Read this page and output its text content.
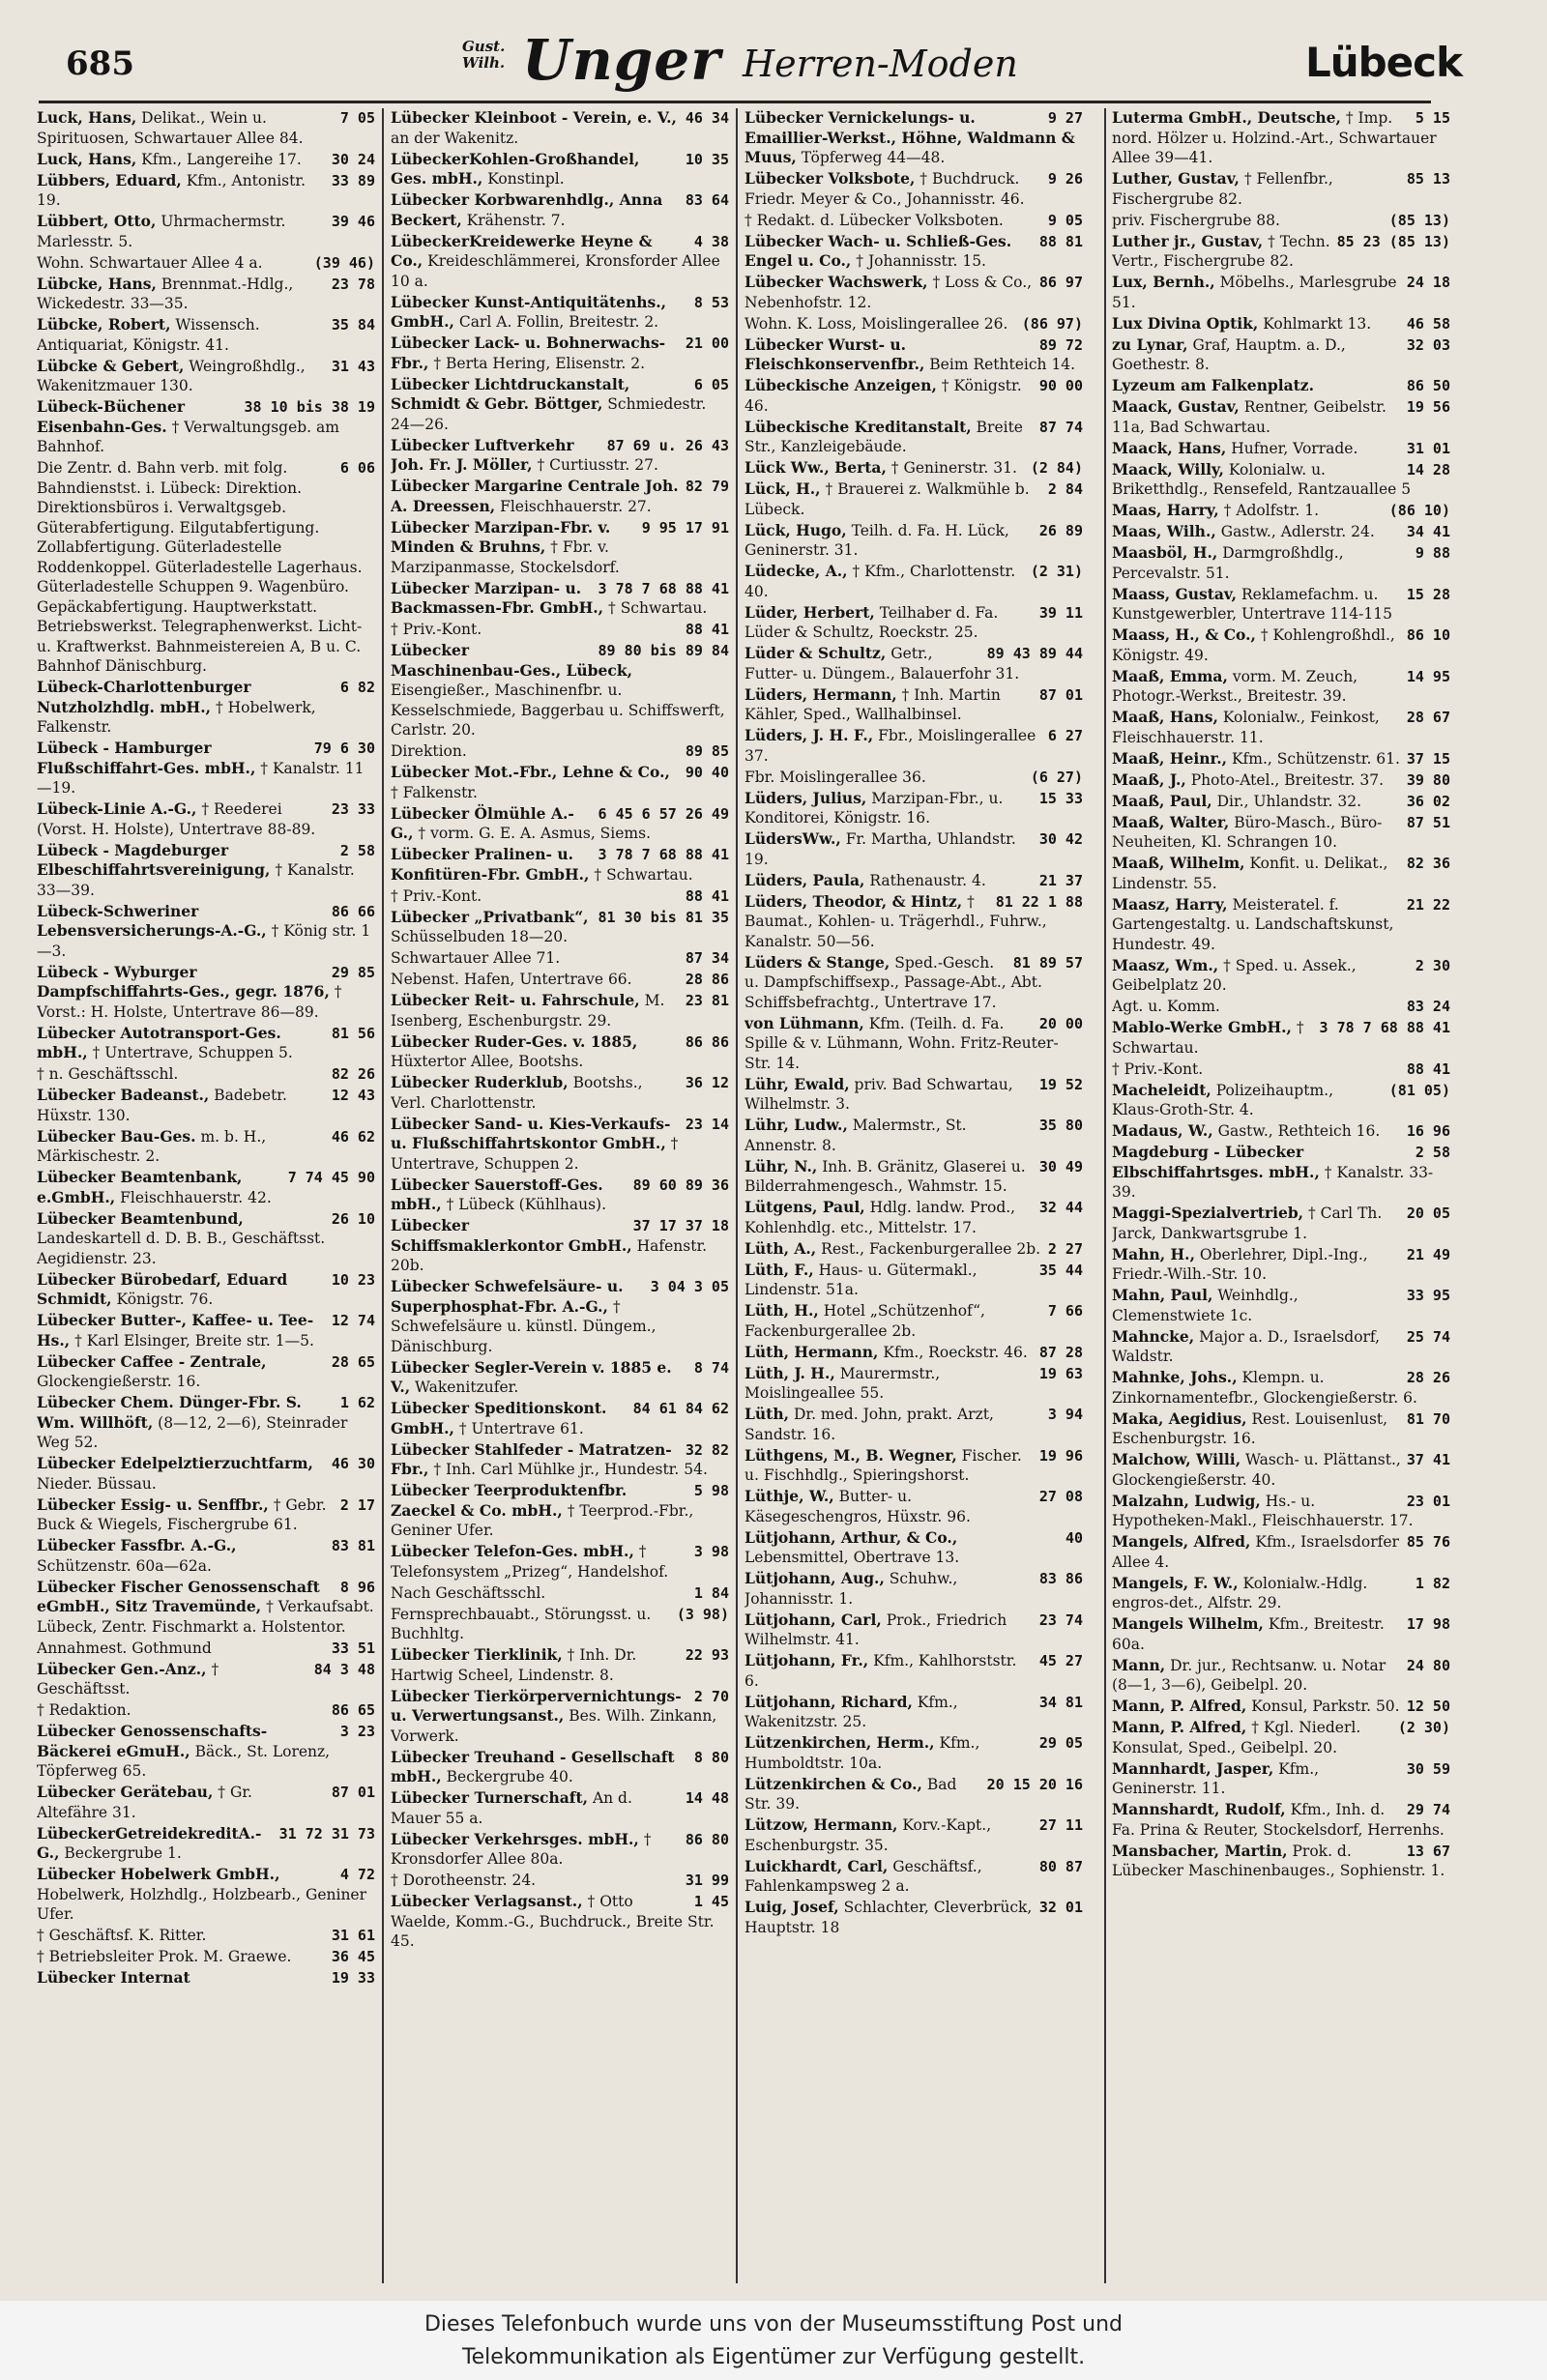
685	Gust. Wilh. Unger Herren-Moden	Lübeck
7 05
Luck, Hans, Delikat., Wein u. Spirituosen, Schwartauer Allee 84.
30 24
Luck, Hans, Kfm., Langereihe 17.
33 89
Lübbers, Eduard, Kfm., Antonistr. 19.
39 46
Lübbert, Otto, Uhrmachermstr. Marlesstr. 5.
(39 46)
Wohn. Schwartauer Allee 4 a.
23 78
Lübcke, Hans, Brennmat.-Hdlg., Wickedestr. 33—35.
35 84
Lübcke, Robert, Wissensch. Antiquariat, Königstr. 41.
31 43
Lübcke & Gebert, Weingroßhdlg., Wakenitzmauer 130.
38 10 bis 38 19
Lübeck-Büchener Eisenbahn-Ges. † Verwaltungsgeb. am Bahnhof.
6 06
Die Zentr. d. Bahn verb. mit folg. Bahndienstst. i. Lübeck: Direktion. Direktionsbüros i. Verwaltgsgeb. Güterabfertigung. Eilgutabfertigung. Zollabfertigung. Güterladestelle Roddenkoppel. Güterladestelle Lagerhaus. Güterladestelle Schuppen 9. Wagenbüro. Gepäckabfertigung. Hauptwerkstatt. Betriebswerkst. Telegraphenwerkst. Licht- u. Kraftwerkst. Bahnmeistereien A, B u. C. Bahnhof Dänischburg.
6 82
Lübeck-Charlottenburger Nutzholzhdlg. mbH., † Hobelwerk, Falkenstr.
79 6 30
Lübeck - Hamburger Flußschiffahrt-Ges. mbH., † Kanalstr. 11—19.
23 33
Lübeck-Linie A.-G., † Reederei (Vorst. H. Holste), Untertrave 88-89.
2 58
Lübeck - Magdeburger Elbeschiffahrtsvereinigung, † Kanalstr. 33—39.
86 66
Lübeck-Schweriner Lebensversicherungs-A.-G., † König str. 1—3.
29 85
Lübeck - Wyburger Dampfschiffahrts-Ges., gegr. 1876, † Vorst.: H. Holste, Untertrave 86—89.
81 56
Lübecker Autotransport-Ges. mbH., † Untertrave, Schuppen 5.
82 26
† n. Geschäftsschl.
12 43
Lübecker Badeanst., Badebetr. Hüxstr. 130.
46 62
Lübecker Bau-Ges. m. b. H., Märkischestr. 2.
7 74 45 90
Lübecker Beamtenbank, e.GmbH., Fleischhauerstr. 42.
26 10
Lübecker Beamtenbund, Landeskartell d. D. B. B., Geschäftsst. Aegidienstr. 23.
10 23
Lübecker Bürobedarf, Eduard Schmidt, Königstr. 76.
12 74
Lübecker Butter-, Kaffee- u. Tee-Hs., † Karl Elsinger, Breite str. 1—5.
28 65
Lübecker Caffee - Zentrale, Glockengießerstr. 16.
1 62
Lübecker Chem. Dünger-Fbr. S. Wm. Willhöft, (8—12, 2—6), Steinrader Weg 52.
46 30
Lübecker Edelpelztierzuchtfarm, Nieder. Büssau.
2 17
Lübecker Essig- u. Senffbr., † Gebr. Buck & Wiegels, Fischergrube 61.
83 81
Lübecker Fassfbr. A.-G., Schützenstr. 60a—62a.
8 96
Lübecker Fischer Genossenschaft eGmbH., Sitz Travemünde, † Verkaufsabt. Lübeck, Zentr. Fischmarkt a. Holstentor.
33 51
Annahmest. Gothmund
84 3 48
Lübecker Gen.-Anz., † Geschäftsst.
86 65
† Redaktion.
3 23
Lübecker Genossenschafts-Bäckerei eGmuH., Bäck., St. Lorenz, Töpferweg 65.
87 01
Lübecker Gerätebau, † Gr. Altefähre 31.
31 72 31 73
LübeckerGetreidekreditA.-G., Beckergrube 1.
4 72
Lübecker Hobelwerk GmbH., Hobelwerk, Holzhdlg., Holzbearb., Geniner Ufer.
31 61
† Geschäftsf. K. Ritter.
36 45
† Betriebsleiter Prok. M. Graewe.
19 33
Lübecker Internat
46 34
Lübecker Kleinboot - Verein, e. V., an der Wakenitz.
10 35
LübeckerKohlen-Großhandel, Ges. mbH., Konstinpl.
83 64
Lübecker Korbwarenhdlg., Anna Beckert, Krähenstr. 7.
4 38
LübeckerKreidewerke Heyne & Co., Kreideschlämmerei, Kronsforder Allee 10 a.
8 53
Lübecker Kunst-Antiquitätenhs., GmbH., Carl A. Follin, Breitestr. 2.
21 00
Lübecker Lack- u. Bohnerwachs-Fbr., † Berta Hering, Elisenstr. 2.
6 05
Lübecker Lichtdruckanstalt, Schmidt & Gebr. Böttger, Schmiedestr. 24—26.
87 69 u. 26 43
Lübecker Luftverkehr Joh. Fr. J. Möller, † Curtiusstr. 27.
82 79
Lübecker Margarine Centrale Joh. A. Dreessen, Fleischhauerstr. 27.
9 95 17 91
Lübecker Marzipan-Fbr. v. Minden & Bruhns, † Fbr. v. Marzipanmasse, Stockelsdorf.
3 78 7 68 88 41
Lübecker Marzipan- u. Backmassen-Fbr. GmbH., † Schwartau.
88 41
† Priv.-Kont.
89 80 bis 89 84
Lübecker Maschinenbau-Ges., Lübeck, Eisengießer., Maschinenfbr. u. Kesselschmiede, Baggerbau u. Schiffswerft, Carlstr. 20.
89 85
Direktion.
90 40
Lübecker Mot.-Fbr., Lehne & Co., † Falkenstr.
6 45 6 57 26 49
Lübecker Ölmühle A.-G., † vorm. G. E. A. Asmus, Siems.
3 78 7 68 88 41
Lübecker Pralinen- u. Konfitüren-Fbr. GmbH., † Schwartau.
88 41
† Priv.-Kont.
81 30 bis 81 35
Lübecker „Privatbank“, Schüsselbuden 18—20.
87 34
Schwartauer Allee 71.
28 86
Nebenst. Hafen, Untertrave 66.
23 81
Lübecker Reit- u. Fahrschule, M. Isenberg, Eschenburgstr. 29.
86 86
Lübecker Ruder-Ges. v. 1885, Hüxtertor Allee, Bootshs.
36 12
Lübecker Ruderklub, Bootshs., Verl. Charlottenstr.
23 14
Lübecker Sand- u. Kies-Verkaufs- u. Flußschiffahrtskontor GmbH., † Untertrave, Schuppen 2.
89 60 89 36
Lübecker Sauerstoff-Ges. mbH., † Lübeck (Kühlhaus).
37 17 37 18
Lübecker Schiffsmaklerkontor GmbH., Hafenstr. 20b.
3 04 3 05
Lübecker Schwefelsäure- u. Superphosphat-Fbr. A.-G., † Schwefelsäure u. künstl. Düngem., Dänischburg.
8 74
Lübecker Segler-Verein v. 1885 e. V., Wakenitzufer.
84 61 84 62
Lübecker Speditionskont. GmbH., † Untertrave 61.
32 82
Lübecker Stahlfeder - Matratzen-Fbr., † Inh. Carl Mühlke jr., Hundestr. 54.
5 98
Lübecker Teerproduktenfbr. Zaeckel & Co. mbH., † Teerprod.-Fbr., Geniner Ufer.
3 98
Lübecker Telefon-Ges. mbH., † Telefonsystem „Prizeg“, Handelshof.
1 84
Nach Geschäftsschl.
(3 98)
Fernsprechbauabt., Störungsst. u. Buchhltg.
22 93
Lübecker Tierklinik, † Inh. Dr. Hartwig Scheel, Lindenstr. 8.
2 70
Lübecker Tierkörpervernichtungs- u. Verwertungsanst., Bes. Wilh. Zinkann, Vorwerk.
8 80
Lübecker Treuhand - Gesellschaft mbH., Beckergrube 40.
14 48
Lübecker Turnerschaft, An d. Mauer 55 a.
86 80
Lübecker Verkehrsges. mbH., † Kronsdorfer Allee 80a.
31 99
† Dorotheenstr. 24.
1 45
Lübecker Verlagsanst., † Otto Waelde, Komm.-G., Buchdruck., Breite Str. 45.
9 27
Lübecker Vernickelungs- u. Emaillier-Werkst., Höhne, Waldmann & Muus, Töpferweg 44—48.
9 26
Lübecker Volksbote, † Buchdruck. Friedr. Meyer & Co., Johannisstr. 46.
9 05
† Redakt. d. Lübecker Volksboten.
88 81
Lübecker Wach- u. Schließ-Ges. Engel u. Co., † Johannisstr. 15.
86 97
Lübecker Wachswerk, † Loss & Co., Nebenhofstr. 12.
(86 97)
Wohn. K. Loss, Moislingerallee 26.
89 72
Lübecker Wurst- u. Fleischkonservenfbr., Beim Rethteich 14.
90 00
Lübeckische Anzeigen, † Königstr. 46.
87 74
Lübeckische Kreditanstalt, Breite Str., Kanzleigebäude.
(2 84)
Lück Ww., Berta, † Geninerstr. 31.
2 84
Lück, H., † Brauerei z. Walkmühle b. Lübeck.
26 89
Lück, Hugo, Teilh. d. Fa. H. Lück, Geninerstr. 31.
(2 31)
Lüdecke, A., † Kfm., Charlottenstr. 40.
39 11
Lüder, Herbert, Teilhaber d. Fa. Lüder & Schultz, Roeckstr. 25.
89 43 89 44
Lüder & Schultz, Getr., Futter- u. Düngem., Balauerfohr 31.
87 01
Lüders, Hermann, † Inh. Martin Kähler, Sped., Wallhalbinsel.
6 27
Lüders, J. H. F., Fbr., Moislingerallee 37.
(6 27)
Fbr. Moislingerallee 36.
15 33
Lüders, Julius, Marzipan-Fbr., u. Konditorei, Königstr. 16.
30 42
LüdersWw., Fr. Martha, Uhlandstr. 19.
21 37
Lüders, Paula, Rathenaustr. 4.
81 22 1 88
Lüders, Theodor, & Hintz, † Baumat., Kohlen- u. Trägerhdl., Fuhrw., Kanalstr. 50—56.
81 89 57
Lüders & Stange, Sped.-Gesch. u. Dampfschiffsexp., Passage-Abt., Abt. Schiffsbefrachtg., Untertrave 17.
20 00
von Lühmann, Kfm. (Teilh. d. Fa. Spille & v. Lühmann, Wohn. Fritz-Reuter-Str. 14.
19 52
Lühr, Ewald, priv. Bad Schwartau, Wilhelmstr. 3.
35 80
Lühr, Ludw., Malermstr., St. Annenstr. 8.
30 49
Lühr, N., Inh. B. Gränitz, Glaserei u. Bilderrahmengesch., Wahmstr. 15.
32 44
Lütgens, Paul, Hdlg. landw. Prod., Kohlenhdlg. etc., Mittelstr. 17.
2 27
Lüth, A., Rest., Fackenburgerallee 2b.
35 44
Lüth, F., Haus- u. Gütermakl., Lindenstr. 51a.
7 66
Lüth, H., Hotel „Schützenhof“, Fackenburgerallee 2b.
87 28
Lüth, Hermann, Kfm., Roeckstr. 46.
19 63
Lüth, J. H., Maurermstr., Moislingeallee 55.
3 94
Lüth, Dr. med. John, prakt. Arzt, Sandstr. 16.
19 96
Lüthgens, M., B. Wegner, Fischer. u. Fischhdlg., Spieringshorst.
27 08
Lüthje, W., Butter- u. Käsegeschengros, Hüxstr. 96.
40
Lütjohann, Arthur, & Co., Lebensmittel, Obertrave 13.
83 86
Lütjohann, Aug., Schuhw., Johannisstr. 1.
23 74
Lütjohann, Carl, Prok., Friedrich Wilhelmstr. 41.
45 27
Lütjohann, Fr., Kfm., Kahlhorststr. 6.
34 81
Lütjohann, Richard, Kfm., Wakenitzstr. 25.
29 05
Lützenkirchen, Herm., Kfm., Humboldtstr. 10a.
20 15 20 16
Lützenkirchen & Co., Bad Str. 39.
27 11
Lützow, Hermann, Korv.-Kapt., Eschenburgstr. 35.
80 87
Luickhardt, Carl, Geschäftsf., Fahlenkampsweg 2 a.
32 01
Luig, Josef, Schlachter, Cleverbrück, Hauptstr. 18
5 15
Luterma GmbH., Deutsche, † Imp. nord. Hölzer u. Holzind.-Art., Schwartauer Allee 39—41.
85 13
Luther, Gustav, † Fellenfbr., Fischergrube 82.
(85 13)
priv. Fischergrube 88.
85 23 (85 13)
Luther jr., Gustav, † Techn. Vertr., Fischergrube 82.
24 18
Lux, Bernh., Möbelhs., Marlesgrube 51.
46 58
Lux Divina Optik, Kohlmarkt 13.
32 03
zu Lynar, Graf, Hauptm. a. D., Goethestr. 8.
86 50
Lyzeum am Falkenplatz.
19 56
Maack, Gustav, Rentner, Geibelstr. 11a, Bad Schwartau.
31 01
Maack, Hans, Hufner, Vorrade.
14 28
Maack, Willy, Kolonialw. u. Briketthdlg., Rensefeld, Rantzauallee 5
(86 10)
Maas, Harry, † Adolfstr. 1.
34 41
Maas, Wilh., Gastw., Adlerstr. 24.
9 88
Maasböl, H., Darmgroßhdlg., Percevalstr. 51.
15 28
Maass, Gustav, Reklamefachm. u. Kunstgewerbler, Untertrave 114-115
86 10
Maass, H., & Co., † Kohlengroßhdl., Königstr. 49.
14 95
Maaß, Emma, vorm. M. Zeuch, Photogr.-Werkst., Breitestr. 39.
28 67
Maaß, Hans, Kolonialw., Feinkost, Fleischhauerstr. 11.
37 15
Maaß, Heinr., Kfm., Schützenstr. 61.
39 80
Maaß, J., Photo-Atel., Breitestr. 37.
36 02
Maaß, Paul, Dir., Uhlandstr. 32.
87 51
Maaß, Walter, Büro-Masch., Büro-Neuheiten, Kl. Schrangen 10.
82 36
Maaß, Wilhelm, Konfit. u. Delikat., Lindenstr. 55.
21 22
Maasz, Harry, Meisteratel. f. Gartengestaltg. u. Landschaftskunst, Hundestr. 49.
2 30
Maasz, Wm., † Sped. u. Assek., Geibelplatz 20.
83 24
Agt. u. Komm.
3 78 7 68 88 41
Mablo-Werke GmbH., † Schwartau.
88 41
† Priv.-Kont.
(81 05)
Macheleidt, Polizeihauptm., Klaus-Groth-Str. 4.
16 96
Madaus, W., Gastw., Rethteich 16.
2 58
Magdeburg - Lübecker Elbschiffahrtsges. mbH., † Kanalstr. 33-39.
20 05
Maggi-Spezialvertrieb, † Carl Th. Jarck, Dankwartsgrube 1.
21 49
Mahn, H., Oberlehrer, Dipl.-Ing., Friedr.-Wilh.-Str. 10.
33 95
Mahn, Paul, Weinhdlg., Clemenstwiete 1c.
25 74
Mahncke, Major a. D., Israelsdorf, Waldstr.
28 26
Mahnke, Johs., Klempn. u. Zinkornamentefbr., Glockengießerstr. 6.
81 70
Maka, Aegidius, Rest. Louisenlust, Eschenburgstr. 16.
37 41
Malchow, Willi, Wasch- u. Plättanst., Glockengießerstr. 40.
23 01
Malzahn, Ludwig, Hs.- u. Hypotheken-Makl., Fleischhauerstr. 17.
85 76
Mangels, Alfred, Kfm., Israelsdorfer Allee 4.
1 82
Mangels, F. W., Kolonialw.-Hdlg. engros-det., Alfstr. 29.
17 98
Mangels Wilhelm, Kfm., Breitestr. 60a.
24 80
Mann, Dr. jur., Rechtsanw. u. Notar (8—1, 3—6), Geibelpl. 20.
12 50
Mann, P. Alfred, Konsul, Parkstr. 50.
(2 30)
Mann, P. Alfred, † Kgl. Niederl. Konsulat, Sped., Geibelpl. 20.
30 59
Mannhardt, Jasper, Kfm., Geninerstr. 11.
29 74
Mannshardt, Rudolf, Kfm., Inh. d. Fa. Prina & Reuter, Stockelsdorf, Herrenhs.
13 67
Mansbacher, Martin, Prok. d. Lübecker Maschinenbauges., Sophienstr. 1.
Dieses Telefonbuch wurde uns von der Museumsstiftung Post und
Telekommunikation als Eigentümer zur Verfügung gestellt.
